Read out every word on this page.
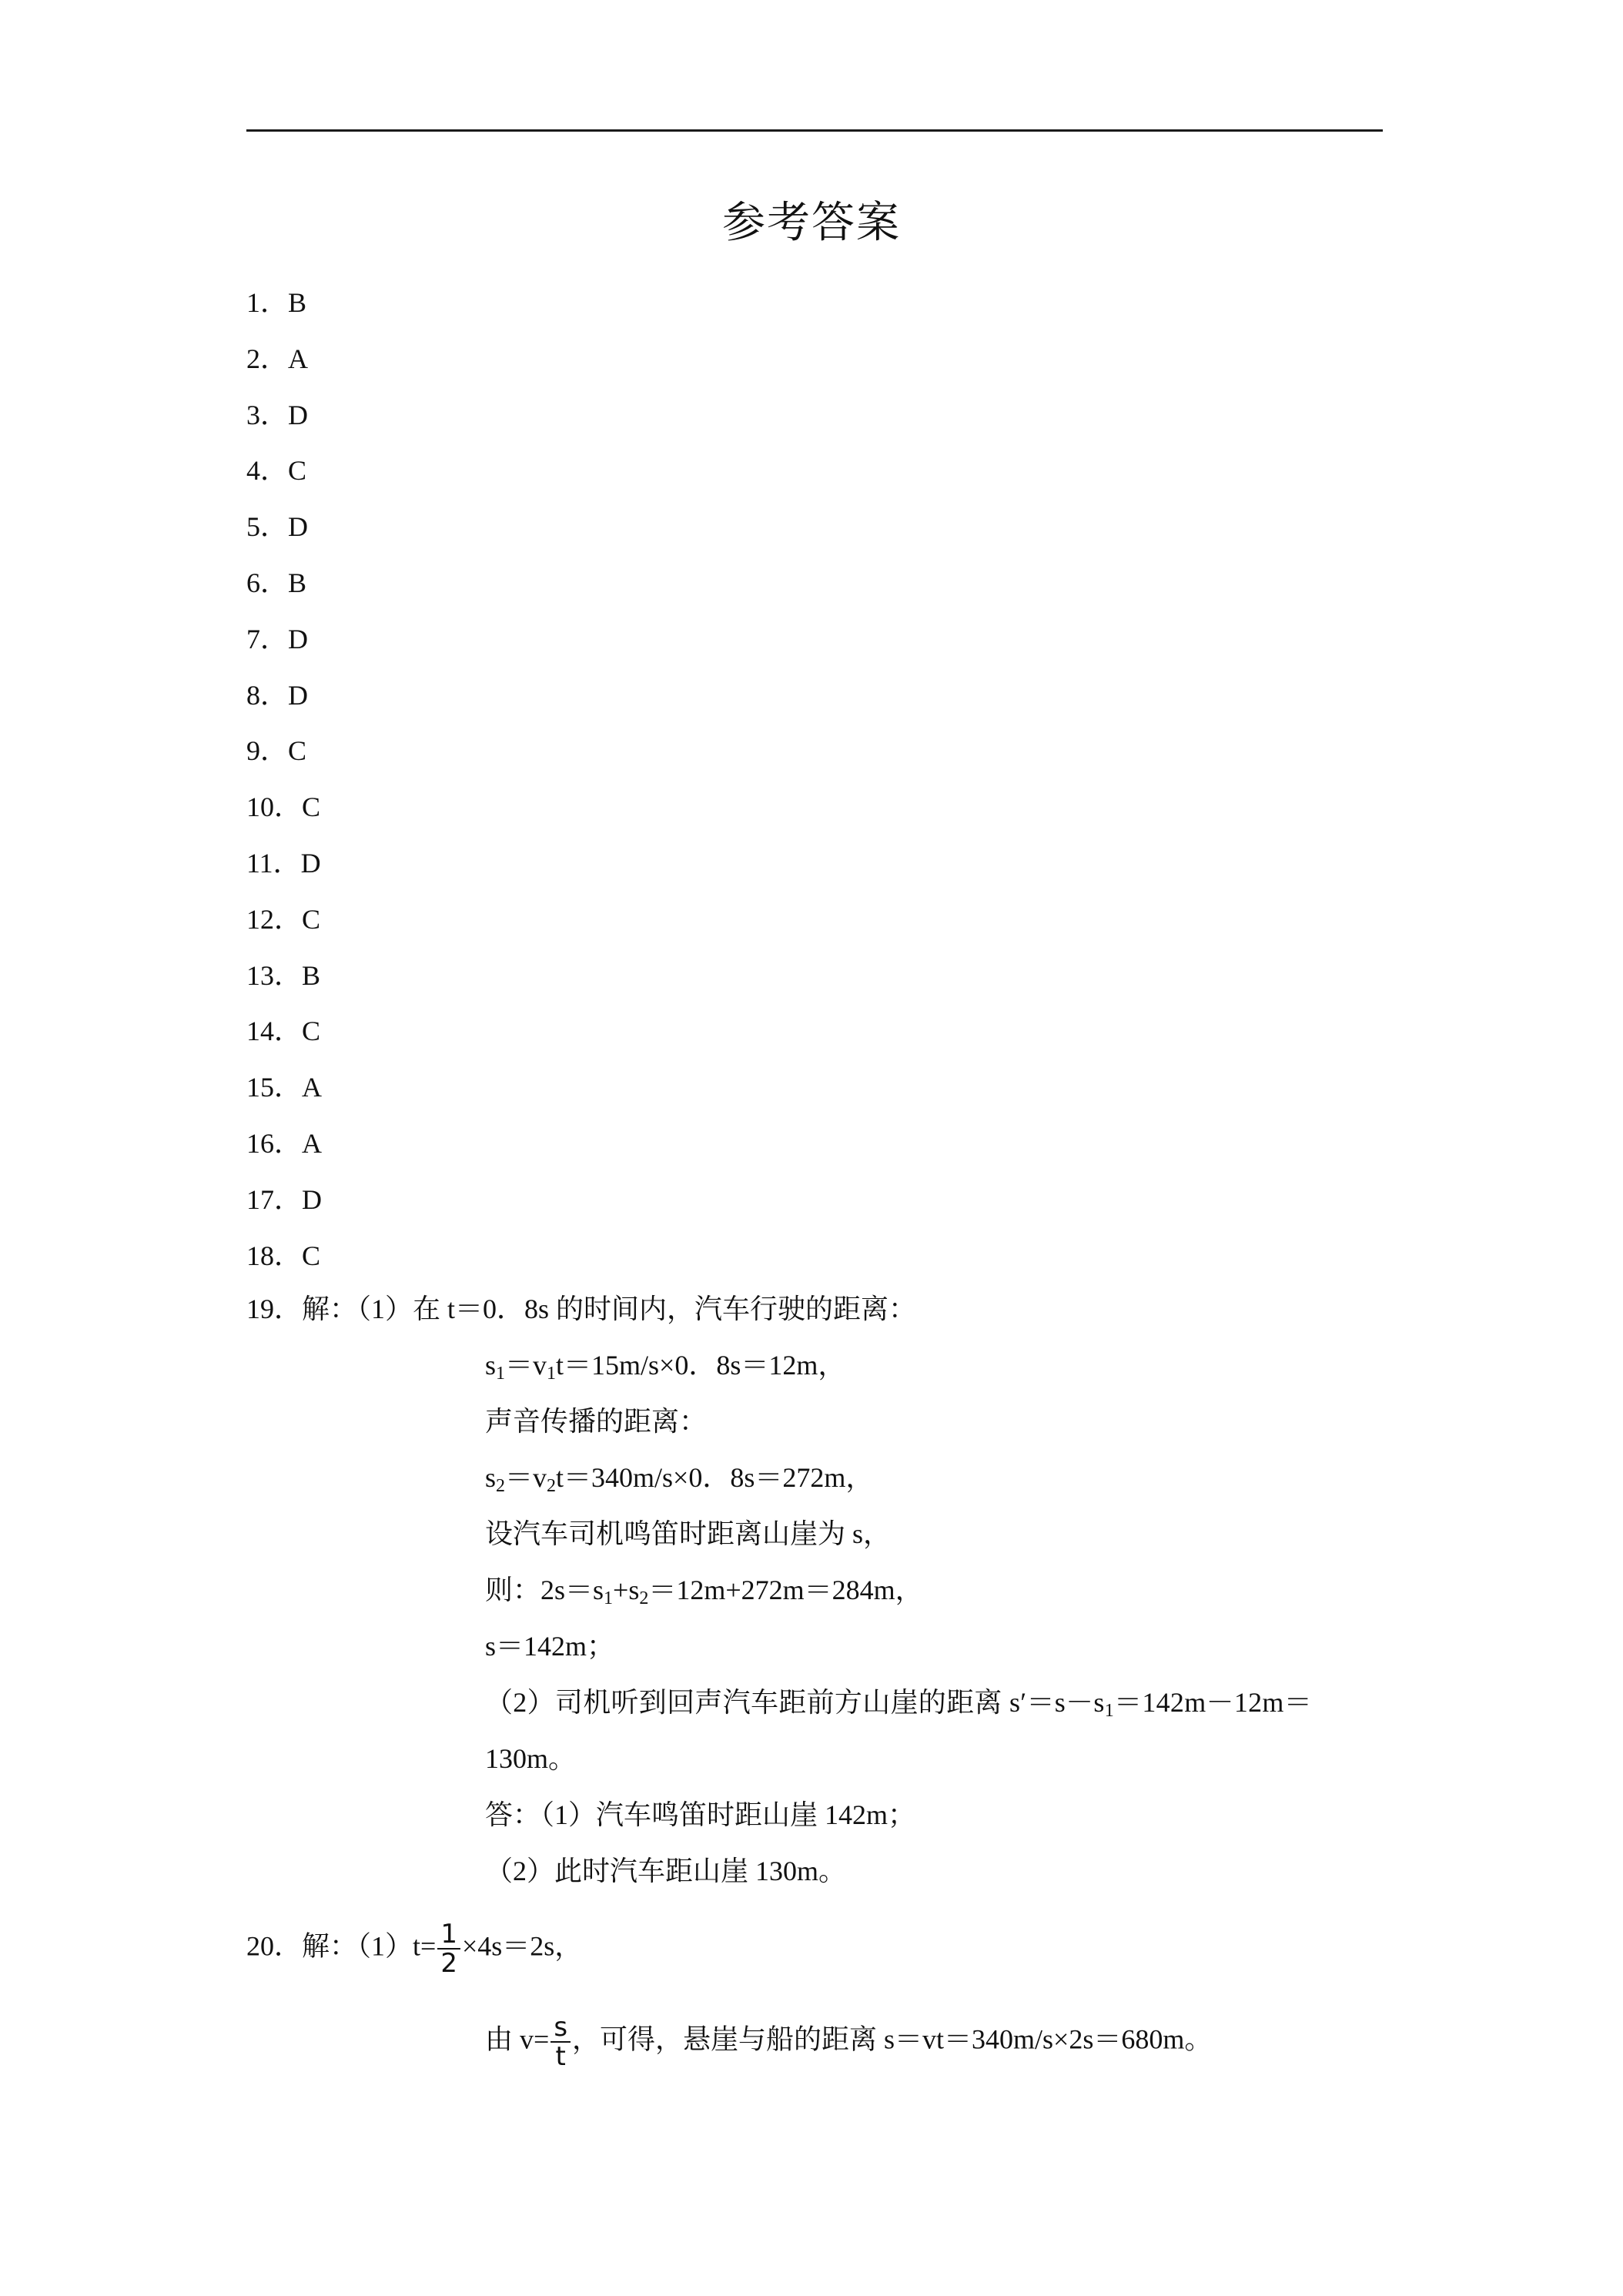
参考答案
1．B
2．A
3．D
4．C
5．D
6．B
7．D
8．D
9．C
10．C
11．D
12．C
13．B
14．C
15．A
16．A
17．D
18．C
19．解：（1）在 t＝0．8s 的时间内，汽车行驶的距离：
$s_1=v_1t=15m/s\times 0$．8s＝12m，
声音传播的距离：
$s_2=v_2t=340m/s\times 0$．8s＝272m，
设汽车司机鸣笛时距离山崖为 s，
则：$2s=s_1+s_2=12m+272m=284m$，
s＝142m；
（2）司机听到回声汽车距前方山崖的距离 $s'=s-s_1=142m-12m=$
130m。
答：（1）汽车鸣笛时距山崖 142m；
（2）此时汽车距山崖 130m。
20．解：$(1)t= \frac{1}{2} \times 4s=2s$，
由 $v= \frac{s}{t}$ ，可得，悬崖与船的距离 s＝vt＝340m/s×2s＝680m。
